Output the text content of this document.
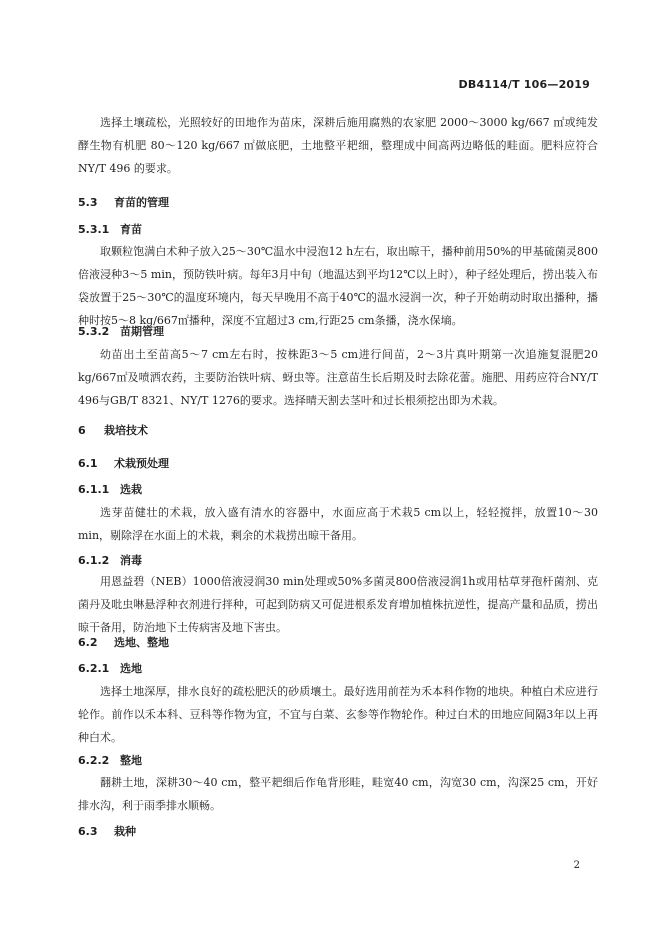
DB4114/T 106—2019

选择土壤疏松，光照较好的田地作为苗床，深耕后施用腐熟的农家肥 2000～3000 kg/667 ㎡或纯发酵生物有机肥 80～120 kg/667 ㎡做底肥，土地整平耙细，整理成中间高两边略低的畦面。肥料应符合 NY/T 496 的要求。

5.3 育苗的管理
5.3.1 育苗

取颗粒饱满白术种子放入25～30℃温水中浸泡12 h左右，取出晾干，播种前用50%的甲基硫菌灵800倍液浸种3～5 min，预防铁叶病。每年3月中旬（地温达到平均12℃以上时），种子经处理后，捞出装入布袋放置于25～30℃的温度环境内，每天早晚用不高于40℃的温水浸润一次，种子开始萌动时取出播种，播种时按5～8 kg/667㎡播种，深度不宜超过3 cm,行距25 cm条播，浇水保墒。

5.3.2 苗期管理

幼苗出土至苗高5～7 cm左右时，按株距3～5 cm进行间苗，2～3片真叶期第一次追施复混肥20 kg/667㎡及喷洒农药，主要防治铁叶病、蚜虫等。注意苗生长后期及时去除花蕾。施肥、用药应符合NY/T 496与GB/T 8321、NY/T 1276的要求。选择晴天割去茎叶和过长根须挖出即为术栽。

6 栽培技术
6.1 术栽预处理
6.1.1 选栽

选芽苗健壮的术栽，放入盛有清水的容器中，水面应高于术栽5 cm以上，轻轻搅拌，放置10～30 min，剔除浮在水面上的术栽，剩余的术栽捞出晾干备用。

6.1.2 消毒

用恩益碧（NEB）1000倍液浸润30 min处理或50%多菌灵800倍液浸润1h或用枯草芽孢杆菌剂、克菌丹及吡虫啉悬浮种衣剂进行拌种，可起到防病又可促进根系发育增加植株抗逆性，提高产量和品质，捞出晾干备用，防治地下土传病害及地下害虫。

6.2 选地、整地
6.2.1 选地

选择土地深厚，排水良好的疏松肥沃的砂质壤土。最好选用前茬为禾本科作物的地块。种植白术应进行轮作。前作以禾本科、豆科等作物为宜，不宜与白菜、玄参等作物轮作。种过白术的田地应间隔3年以上再种白术。

6.2.2 整地

翻耕土地，深耕30～40 cm，整平耙细后作龟背形畦，畦宽40 cm，沟宽30 cm，沟深25 cm，开好排水沟，利于雨季排水顺畅。

6.3 栽种
2
